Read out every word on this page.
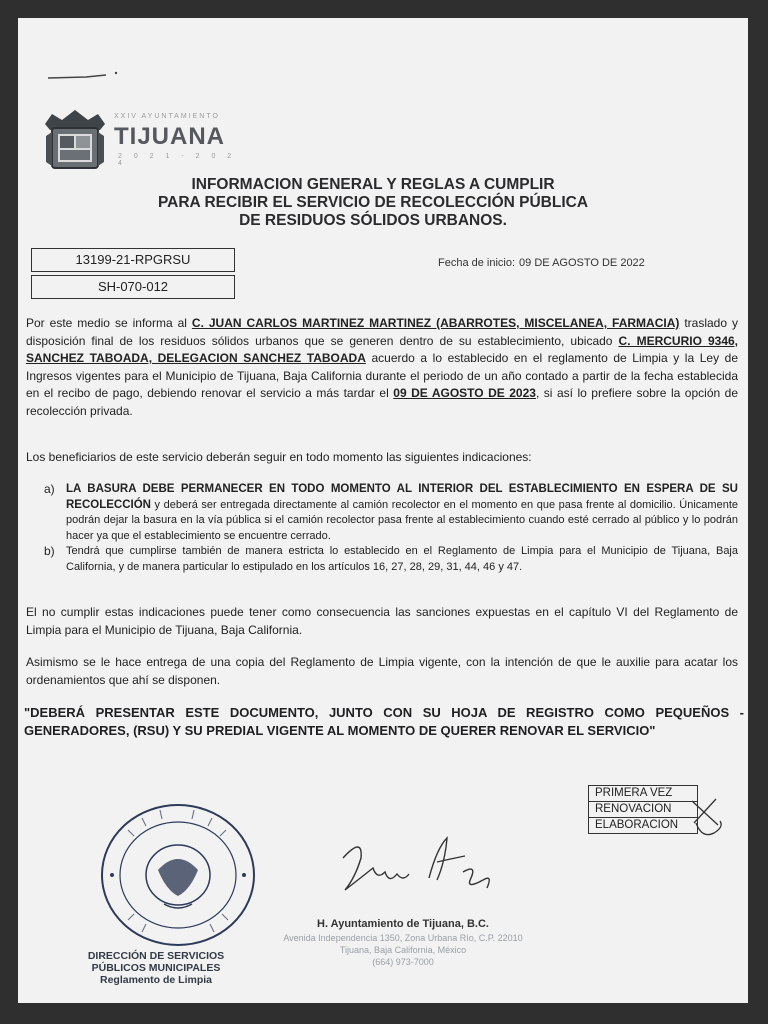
XXIV AYUNTAMIENTO
TIJUANA
2 0 2 1 - 2 0 2 4
INFORMACION GENERAL Y REGLAS A CUMPLIR
PARA RECIBIR EL SERVICIO DE RECOLECCIÓN PÚBLICA
DE RESIDUOS SÓLIDOS URBANOS.
13199-21-RPGRSU
SH-070-012
Fecha de inicio: 09 DE AGOSTO DE 2022
Por este medio se informa al C. JUAN CARLOS MARTINEZ MARTINEZ (ABARROTES, MISCELANEA, FARMACIA) traslado y disposición final de los residuos sólidos urbanos que se generen dentro de su establecimiento, ubicado C. MERCURIO 9346, SANCHEZ TABOADA, DELEGACION SANCHEZ TABOADA acuerdo a lo establecido en el reglamento de Limpia y la Ley de Ingresos vigentes para el Municipio de Tijuana, Baja California durante el periodo de un año contado a partir de la fecha establecida en el recibo de pago, debiendo renovar el servicio a más tardar el 09 DE AGOSTO DE 2023, si así lo prefiere sobre la opción de recolección privada.
Los beneficiarios de este servicio deberán seguir en todo momento las siguientes indicaciones:
a) LA BASURA DEBE PERMANECER EN TODO MOMENTO AL INTERIOR DEL ESTABLECIMIENTO EN ESPERA DE SU RECOLECCIÓN y deberá ser entregada directamente al camión recolector en el momento en que pasa frente al domicilio. Únicamente podrán dejar la basura en la vía pública si el camión recolector pasa frente al establecimiento cuando esté cerrado al público y lo podrán hacer ya que el establecimiento se encuentre cerrado.
b) Tendrá que cumplirse también de manera estricta lo establecido en el Reglamento de Limpia para el Municipio de Tijuana, Baja California, y de manera particular lo estipulado en los artículos 16, 27, 28, 29, 31, 44, 46 y 47.
El no cumplir estas indicaciones puede tener como consecuencia las sanciones expuestas en el capítulo VI del Reglamento de Limpia para el Municipio de Tijuana, Baja California.
Asimismo se le hace entrega de una copia del Reglamento de Limpia vigente, con la intención de que le auxilie para acatar los ordenamientos que ahí se disponen.
"DEBERÁ PRESENTAR ESTE DOCUMENTO, JUNTO CON SU HOJA DE REGISTRO COMO PEQUEÑOS - GENERADORES, (RSU) Y SU PREDIAL VIGENTE AL MOMENTO DE QUERER RENOVAR EL SERVICIO"
PRIMERA VEZ
RENOVACION
ELABORACION
DIRECCIÓN DE SERVICIOS
PÚBLICOS MUNICIPALES
Reglamento de Limpia
H. Ayuntamiento de Tijuana, B.C.
Avenida Independencia 1350, Zona Urbana Río, C.P. 22010
Tijuana, Baja California, México
(664) 973-7000
